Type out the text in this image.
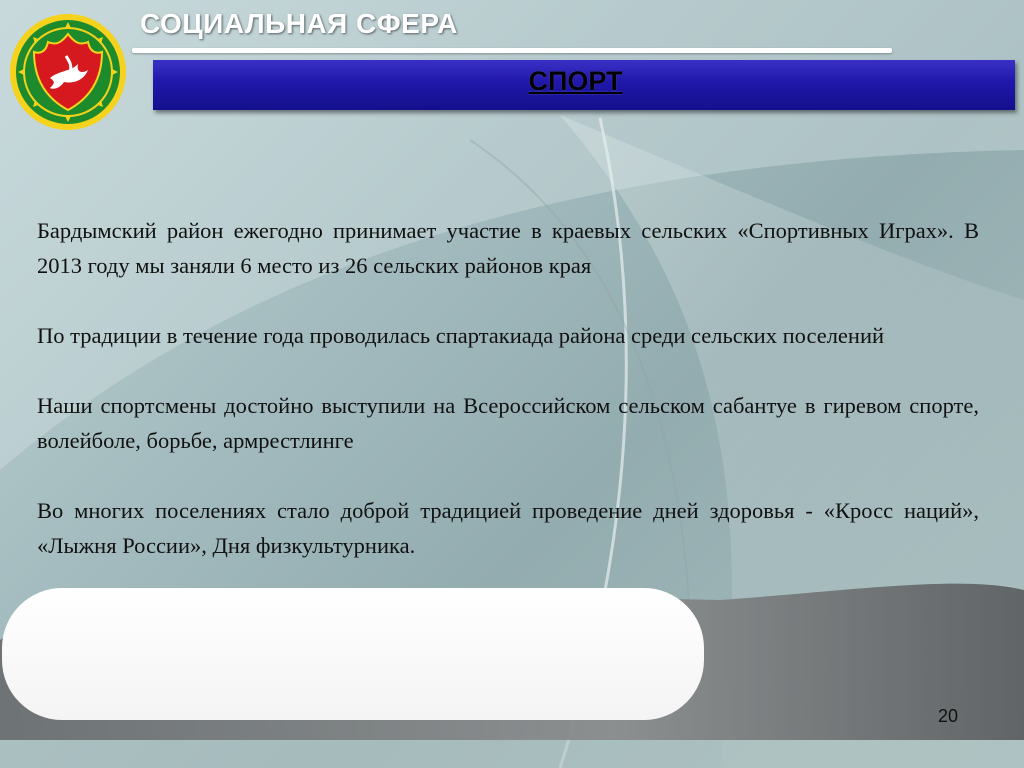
СОЦИАЛЬНАЯ СФЕРА
СПОРТ

Бардымский район ежегодно принимает участие в краевых сельских «Спортивных Играх». В 2013 году мы заняли 6 место из 26 сельских районов края

По традиции в течение года проводилась спартакиада района среди сельских поселений

Наши спортсмены достойно выступили на Всероссийском сельском сабантуе в гиревом спорте, волейболе, борьбе, армрестлинге

Во многих поселениях стало доброй традицией проведение дней здоровья - «Кросс наций», «Лыжня России», Дня физкультурника.

20
